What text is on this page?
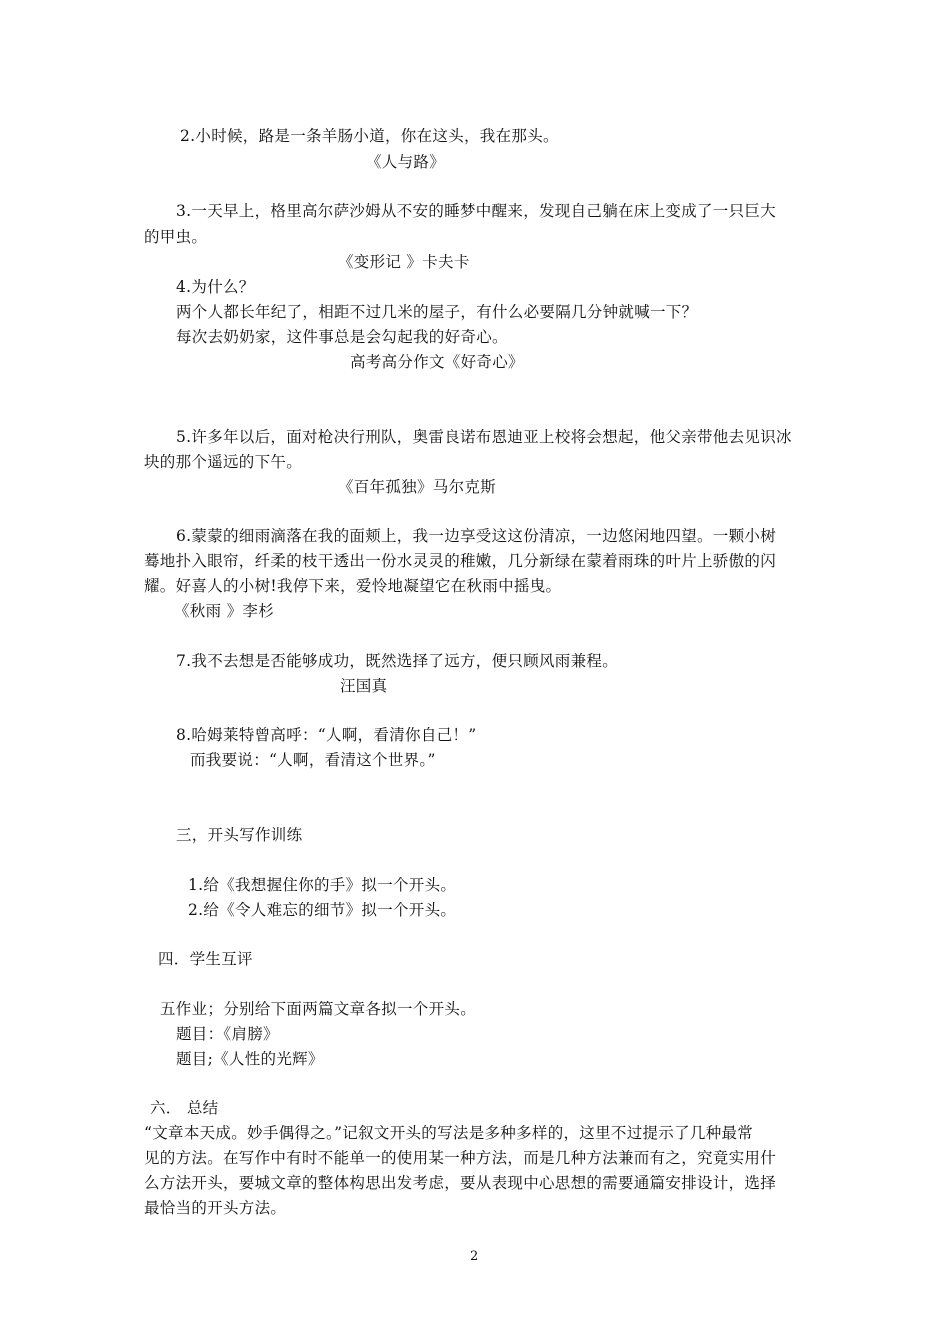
2.小时候，路是一条羊肠小道，你在这头，我在那头。
《人与路》
3.一天早上，格里高尔萨沙姆从不安的睡梦中醒来，发现自己躺在床上变成了一只巨大
的甲虫。
《变形记 》卡夫卡
4.为什么？
两个人都长年纪了，相距不过几米的屋子，有什么必要隔几分钟就喊一下？
每次去奶奶家，这件事总是会勾起我的好奇心。
高考高分作文《好奇心》
5.许多年以后，面对枪决行刑队，奥雷良诺布恩迪亚上校将会想起，他父亲带他去见识冰
块的那个遥远的下午。
《百年孤独》马尔克斯
6.蒙蒙的细雨滴落在我的面颊上，我一边享受这这份清凉，一边悠闲地四望。一颗小树
蓦地扑入眼帘，纤柔的枝干透出一份水灵灵的稚嫩，几分新绿在蒙着雨珠的叶片上骄傲的闪
耀。好喜人的小树!我停下来，爱怜地凝望它在秋雨中摇曳。
《秋雨 》李杉
7.我不去想是否能够成功，既然选择了远方，便只顾风雨兼程。
汪国真
8.哈姆莱特曾高呼：“人啊，看清你自己！”
而我要说：“人啊，看清这个世界。”
三，开头写作训练
1.给《我想握住你的手》拟一个开头。
2.给《令人难忘的细节》拟一个开头。
四．学生互评
五作业；分别给下面两篇文章各拟一个开头。
题目：《肩膀》
题目;《人性的光辉》
六． 总结
“文章本天成。妙手偶得之。”记叙文开头的写法是多种多样的，这里不过提示了几种最常
见的方法。在写作中有时不能单一的使用某一种方法，而是几种方法兼而有之，究竟实用什
么方法开头，要城文章的整体构思出发考虑，要从表现中心思想的需要通篇安排设计，选择
最恰当的开头方法。
2
